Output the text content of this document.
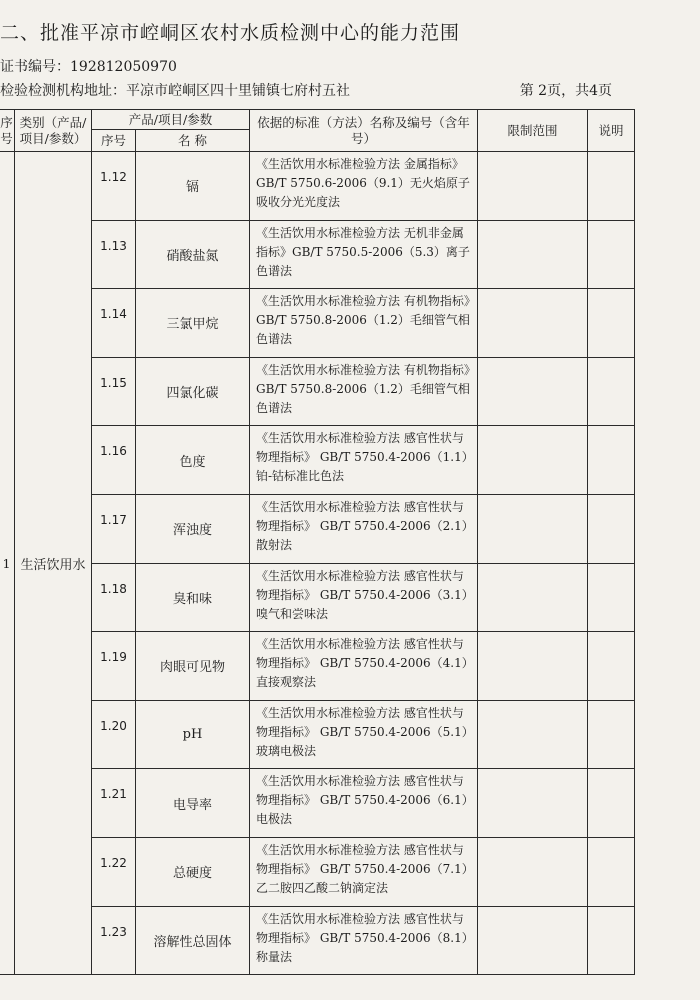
二、批准平凉市崆峒区农村水质检测中心的能力范围
证书编号：192812050970
检验检测机构地址：平凉市崆峒区四十里铺镇七府村五社	第 2页，共4页
序号	类别（产品/项目/参数）	产品/项目/参数		依据的标准（方法）名称及编号（含年号）	限制范围	说明
		序号	名 称			
1	生活饮用水	1.12	镉	《生活饮用水标准检验方法 金属指标》GB/T 5750.6-2006（9.1）无火焰原子吸收分光光度法		
		1.13	硝酸盐氮	《生活饮用水标准检验方法 无机非金属指标》GB/T 5750.5-2006（5.3）离子色谱法		
		1.14	三氯甲烷	《生活饮用水标准检验方法 有机物指标》GB/T 5750.8-2006（1.2）毛细管气相色谱法		
		1.15	四氯化碳	《生活饮用水标准检验方法 有机物指标》GB/T 5750.8-2006（1.2）毛细管气相色谱法		
		1.16	色度	《生活饮用水标准检验方法 感官性状与物理指标》 GB/T 5750.4-2006（1.1）铂-钴标准比色法		
		1.17	浑浊度	《生活饮用水标准检验方法 感官性状与物理指标》 GB/T 5750.4-2006（2.1）散射法		
		1.18	臭和味	《生活饮用水标准检验方法 感官性状与物理指标》 GB/T 5750.4-2006（3.1）嗅气和尝味法		
		1.19	肉眼可见物	《生活饮用水标准检验方法 感官性状与物理指标》 GB/T 5750.4-2006（4.1）直接观察法		
		1.20	pH	《生活饮用水标准检验方法 感官性状与物理指标》 GB/T 5750.4-2006（5.1）玻璃电极法		
		1.21	电导率	《生活饮用水标准检验方法 感官性状与物理指标》 GB/T 5750.4-2006（6.1）电极法		
		1.22	总硬度	《生活饮用水标准检验方法 感官性状与物理指标》 GB/T 5750.4-2006（7.1）乙二胺四乙酸二钠滴定法		
		1.23	溶解性总固体	《生活饮用水标准检验方法 感官性状与物理指标》 GB/T 5750.4-2006（8.1）称量法		
